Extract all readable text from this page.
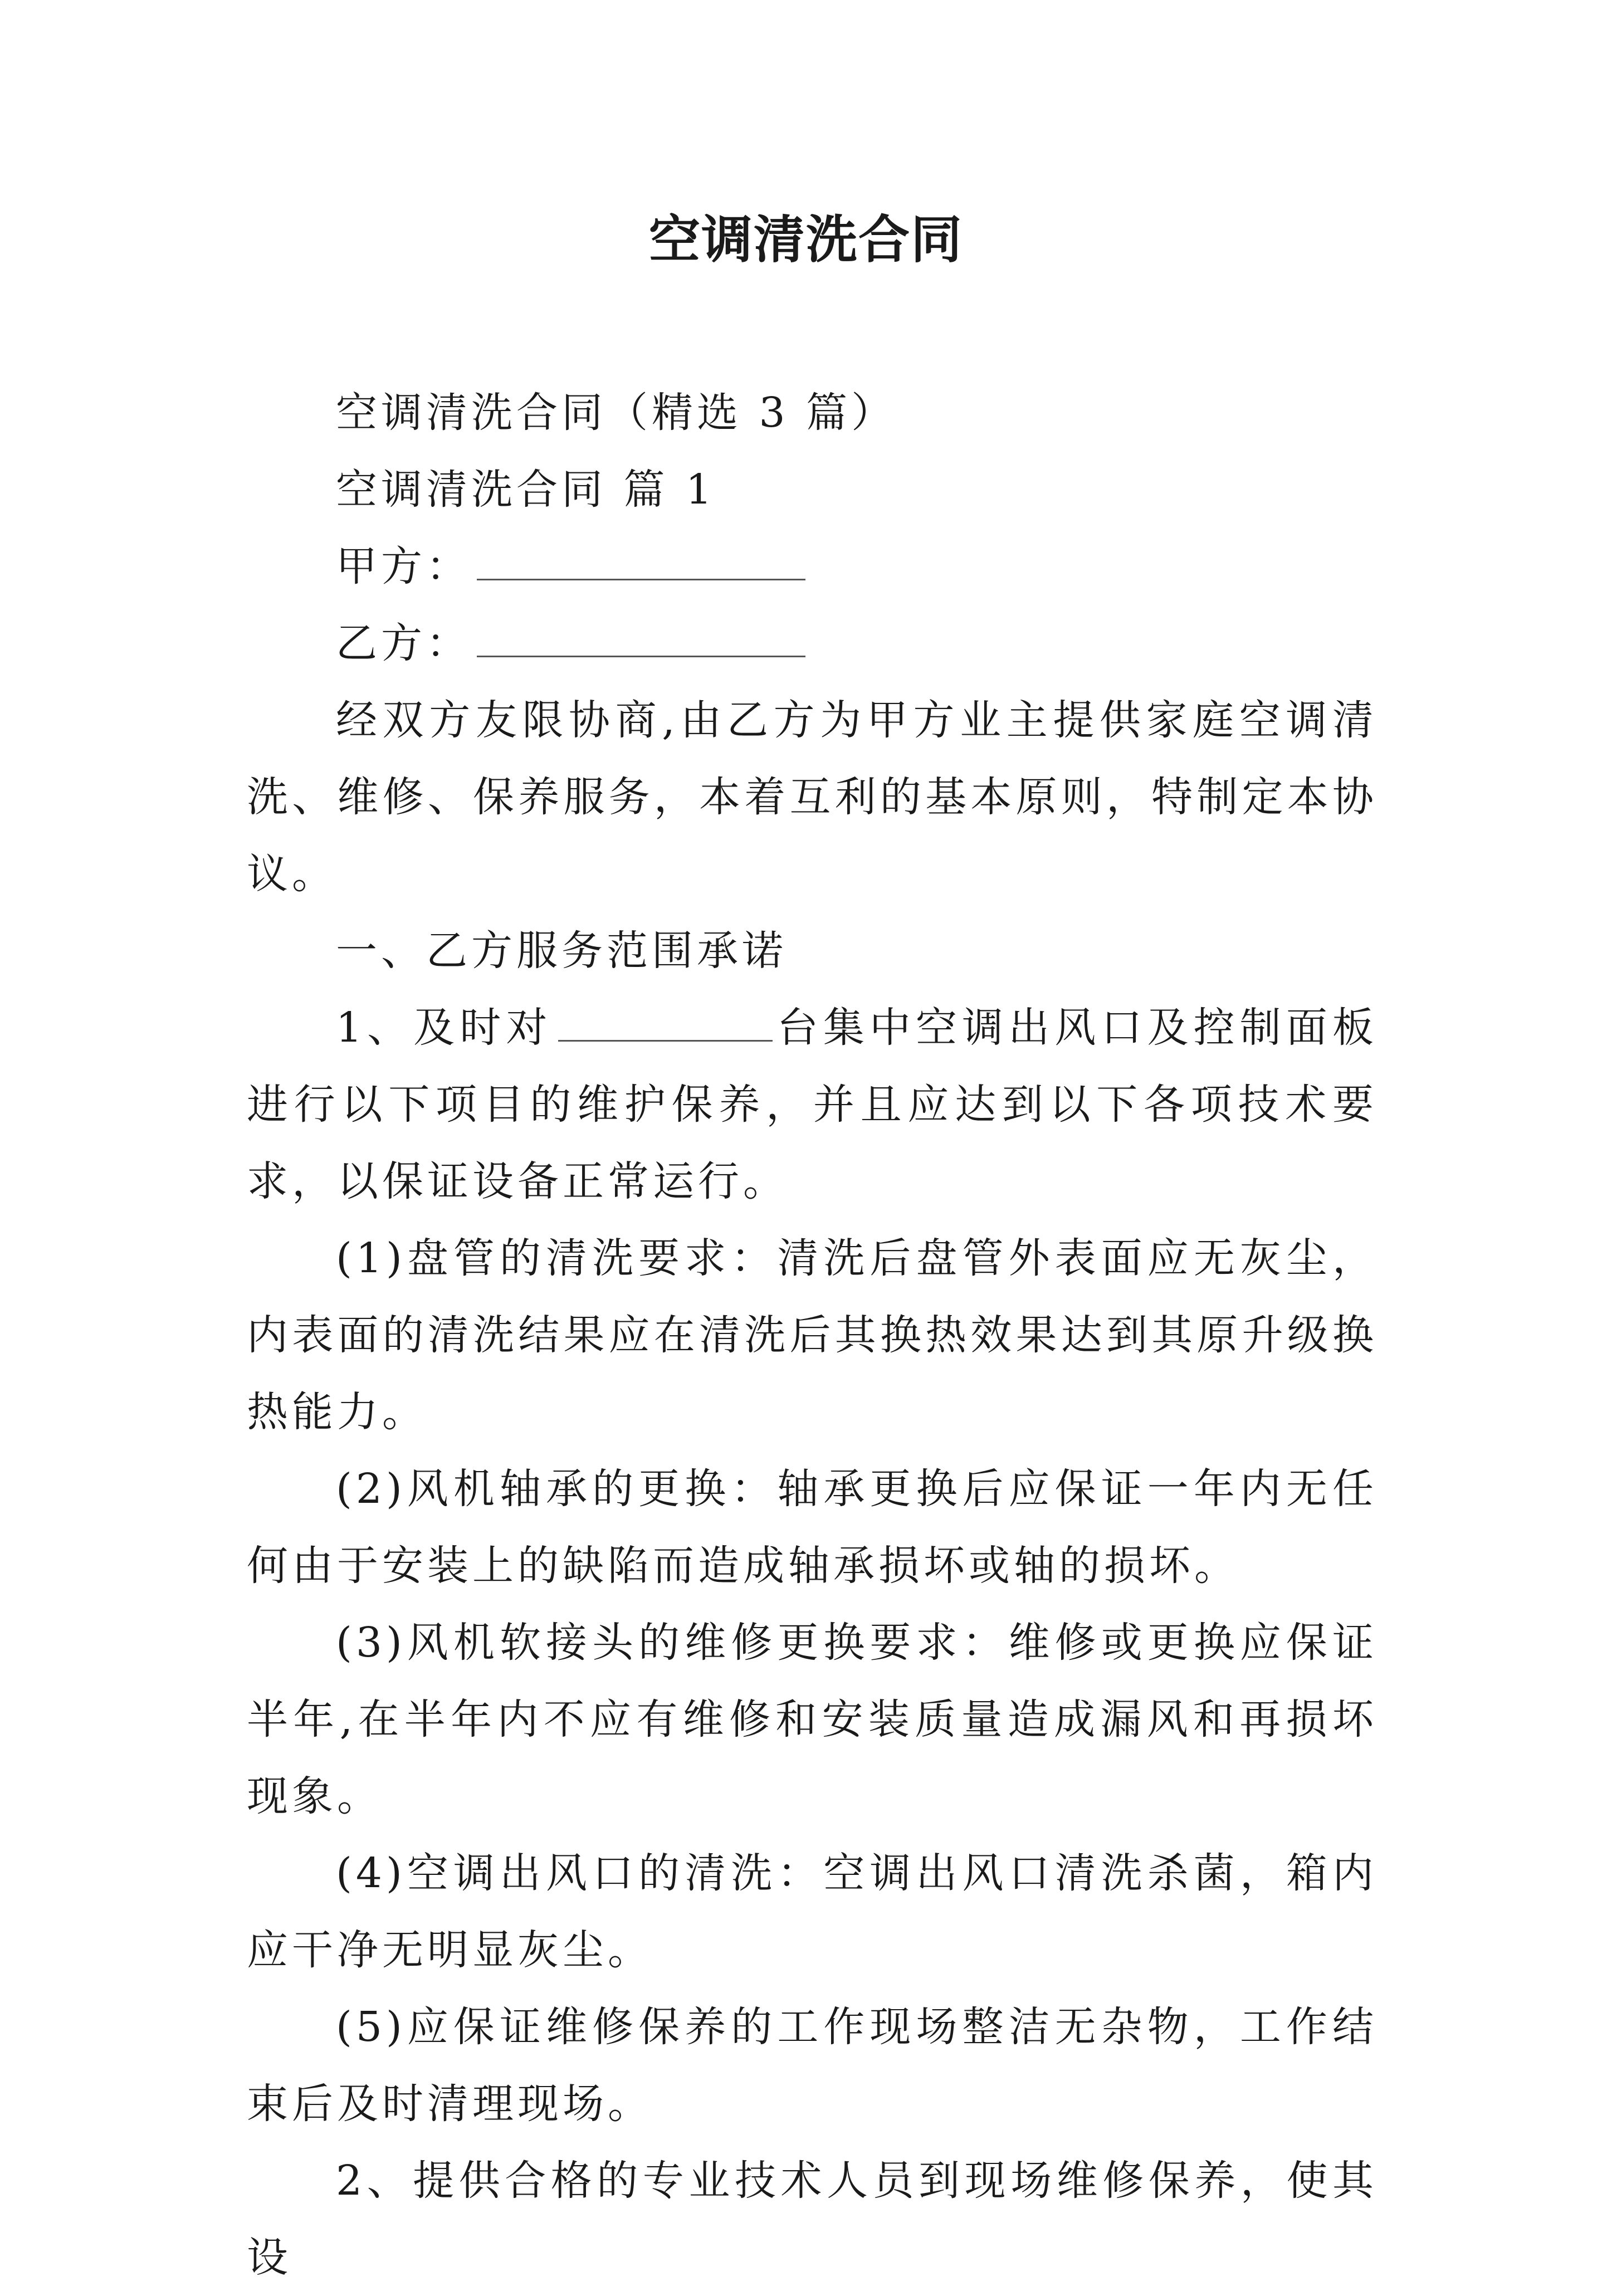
空调清洗合同

空调清洗合同（精选 3 篇）

空调清洗合同 篇 1

甲方：

乙方：

经双方友限协商,由乙方为甲方业主提供家庭空调清洗、维修、保养服务，本着互利的基本原则，特制定本协议。

一、乙方服务范围承诺

1、及时对	台集中空调出风口及控制面板进行以下项目的维护保养，并且应达到以下各项技术要求，以保证设备正常运行。

(1)盘管的清洗要求：清洗后盘管外表面应无灰尘，内表面的清洗结果应在清洗后其换热效果达到其原升级换热能力。

(2)风机轴承的更换：轴承更换后应保证一年内无任何由于安装上的缺陷而造成轴承损坏或轴的损坏。

(3)风机软接头的维修更换要求：维修或更换应保证半年,在半年内不应有维修和安装质量造成漏风和再损坏现象。

(4)空调出风口的清洗：空调出风口清洗杀菌，箱内应干净无明显灰尘。

(5)应保证维修保养的工作现场整洁无杂物，工作结束后及时清理现场。

2、提供合格的专业技术人员到现场维修保养，使其设
